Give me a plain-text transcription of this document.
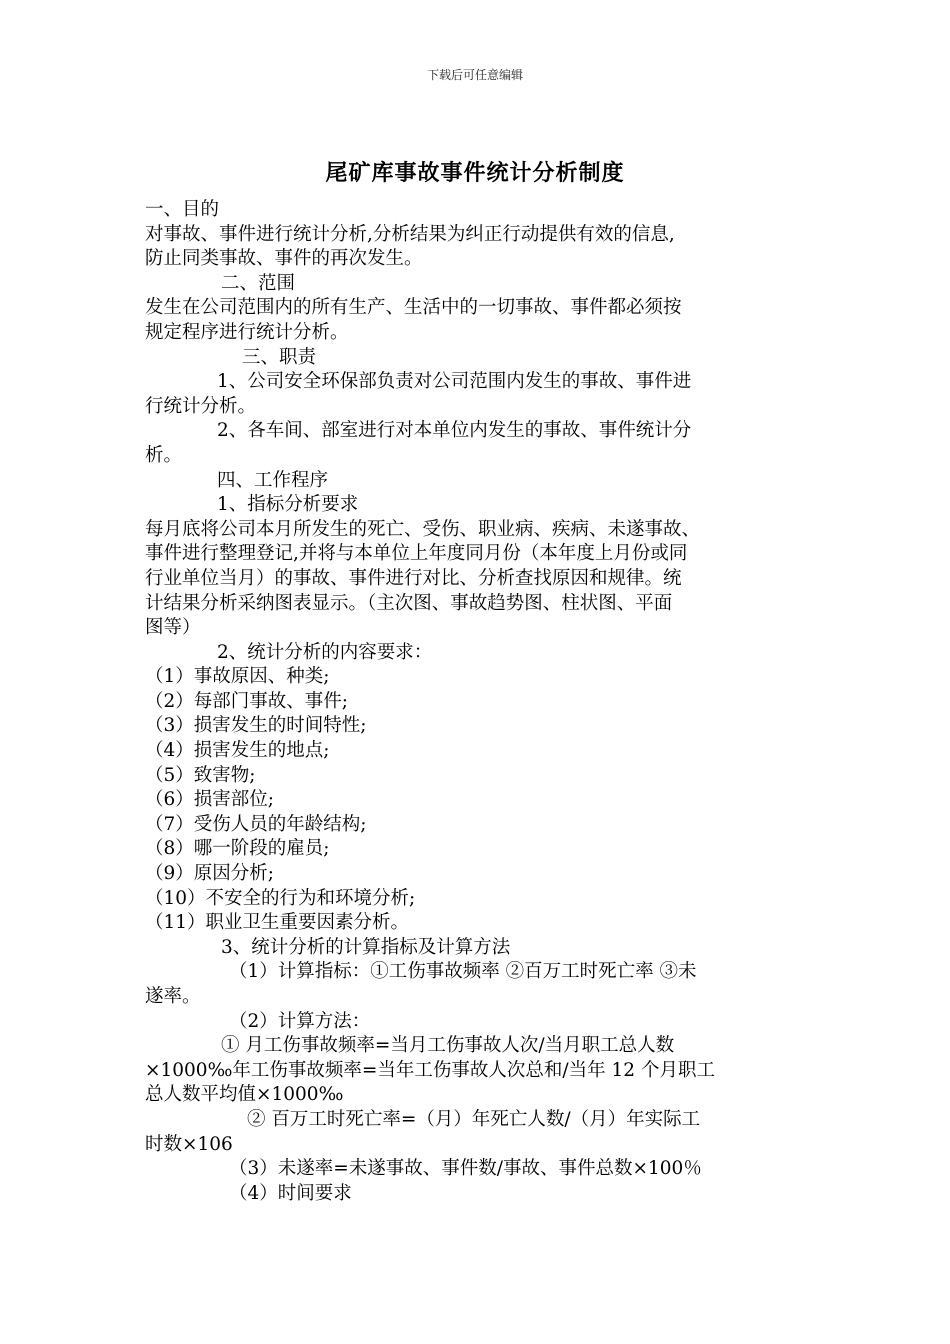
下载后可任意编辑
尾矿库事故事件统计分析制度
一、目的
对事故、事件进行统计分析,分析结果为纠正行动提供有效的信息,
防止同类事故、事件的再次发生。
二、范围
发生在公司范围内的所有生产、生活中的一切事故、事件都必须按
规定程序进行统计分析。
三、职责
1、公司安全环保部负责对公司范围内发生的事故、事件进
行统计分析。
2、各车间、部室进行对本单位内发生的事故、事件统计分
析。
四、工作程序
1、指标分析要求
每月底将公司本月所发生的死亡、受伤、职业病、疾病、未遂事故、
事件进行整理登记,并将与本单位上年度同月份（本年度上月份或同
行业单位当月）的事故、事件进行对比、分析查找原因和规律。统
计结果分析采纳图表显示。（主次图、事故趋势图、柱状图、平面
图等）
2、统计分析的内容要求：
（1）事故原因、种类;
（2）每部门事故、事件;
（3）损害发生的时间特性;
（4）损害发生的地点;
（5）致害物;
（6）损害部位;
（7）受伤人员的年龄结构;
（8）哪一阶段的雇员;
（9）原因分析;
（10）不安全的行为和环境分析;
（11）职业卫生重要因素分析。
3、统计分析的计算指标及计算方法
（1）计算指标：①工伤事故频率 ②百万工时死亡率 ③未
遂率。
（2）计算方法：
① 月工伤事故频率=当月工伤事故人次/当月职工总人数
×1000‰年工伤事故频率=当年工伤事故人次总和/当年 12 个月职工
总人数平均值×1000‰
② 百万工时死亡率=（月）年死亡人数/（月）年实际工
时数×106
（3）未遂率=未遂事故、事件数/事故、事件总数×100％
（4）时间要求
